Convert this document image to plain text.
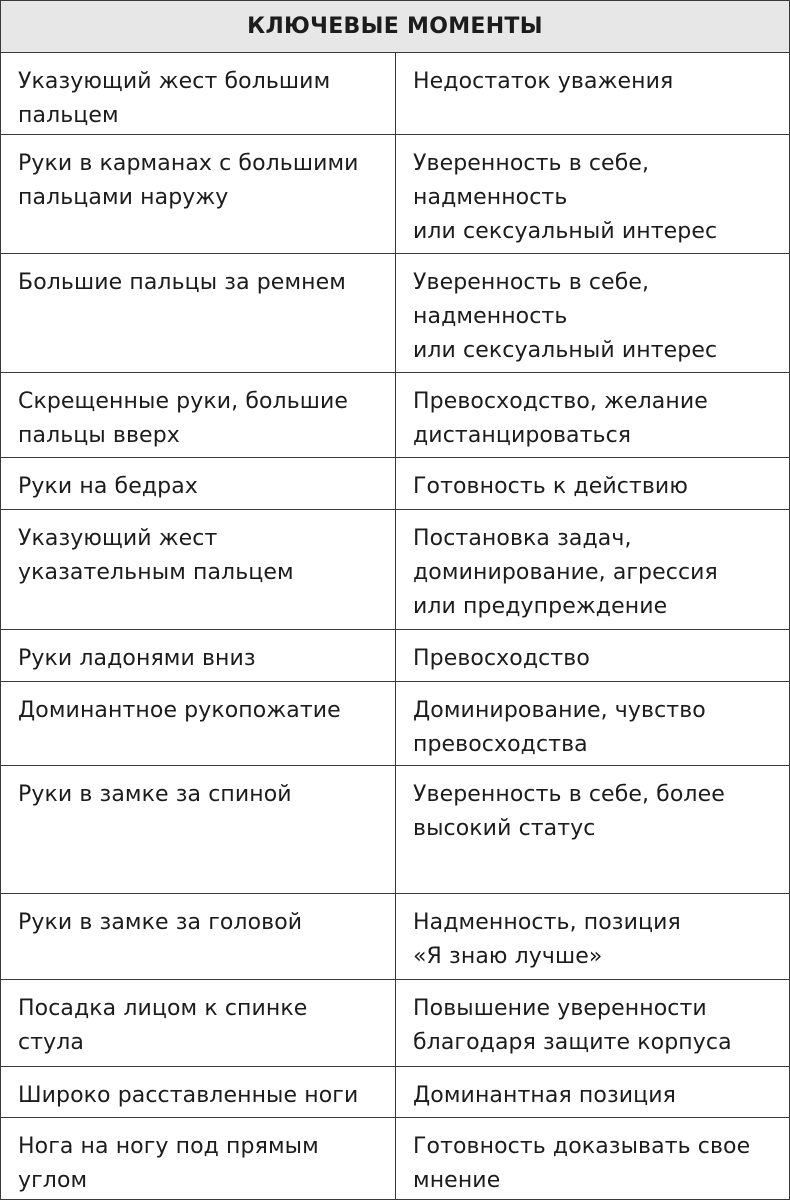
КЛЮЧЕВЫЕ МОМЕНТЫ	

Указующий жест большим
пальцем	Недостаток уважения

Руки в карманах с большими
пальцами наружу	Уверенность в себе,
надменность
или сексуальный интерес

Большие пальцы за ремнем	Уверенность в себе,
надменность
или сексуальный интерес

Скрещенные руки, большие
пальцы вверх	Превосходство, желание
дистанцироваться

Руки на бедрах	Готовность к действию

Указующий жест
указательным пальцем	Постановка задач,
доминирование, агрессия
или предупреждение

Руки ладонями вниз	Превосходство

Доминантное рукопожатие	Доминирование, чувство
превосходства

Руки в замке за спиной	Уверенность в себе, более
высокий статус

Руки в замке за головой	Надменность, позиция
«Я знаю лучше»

Посадка лицом к спинке
стула	Повышение уверенности
благодаря защите корпуса

Широко расставленные ноги	Доминантная позиция

Нога на ногу под прямым
углом	Готовность доказывать свое
мнение
